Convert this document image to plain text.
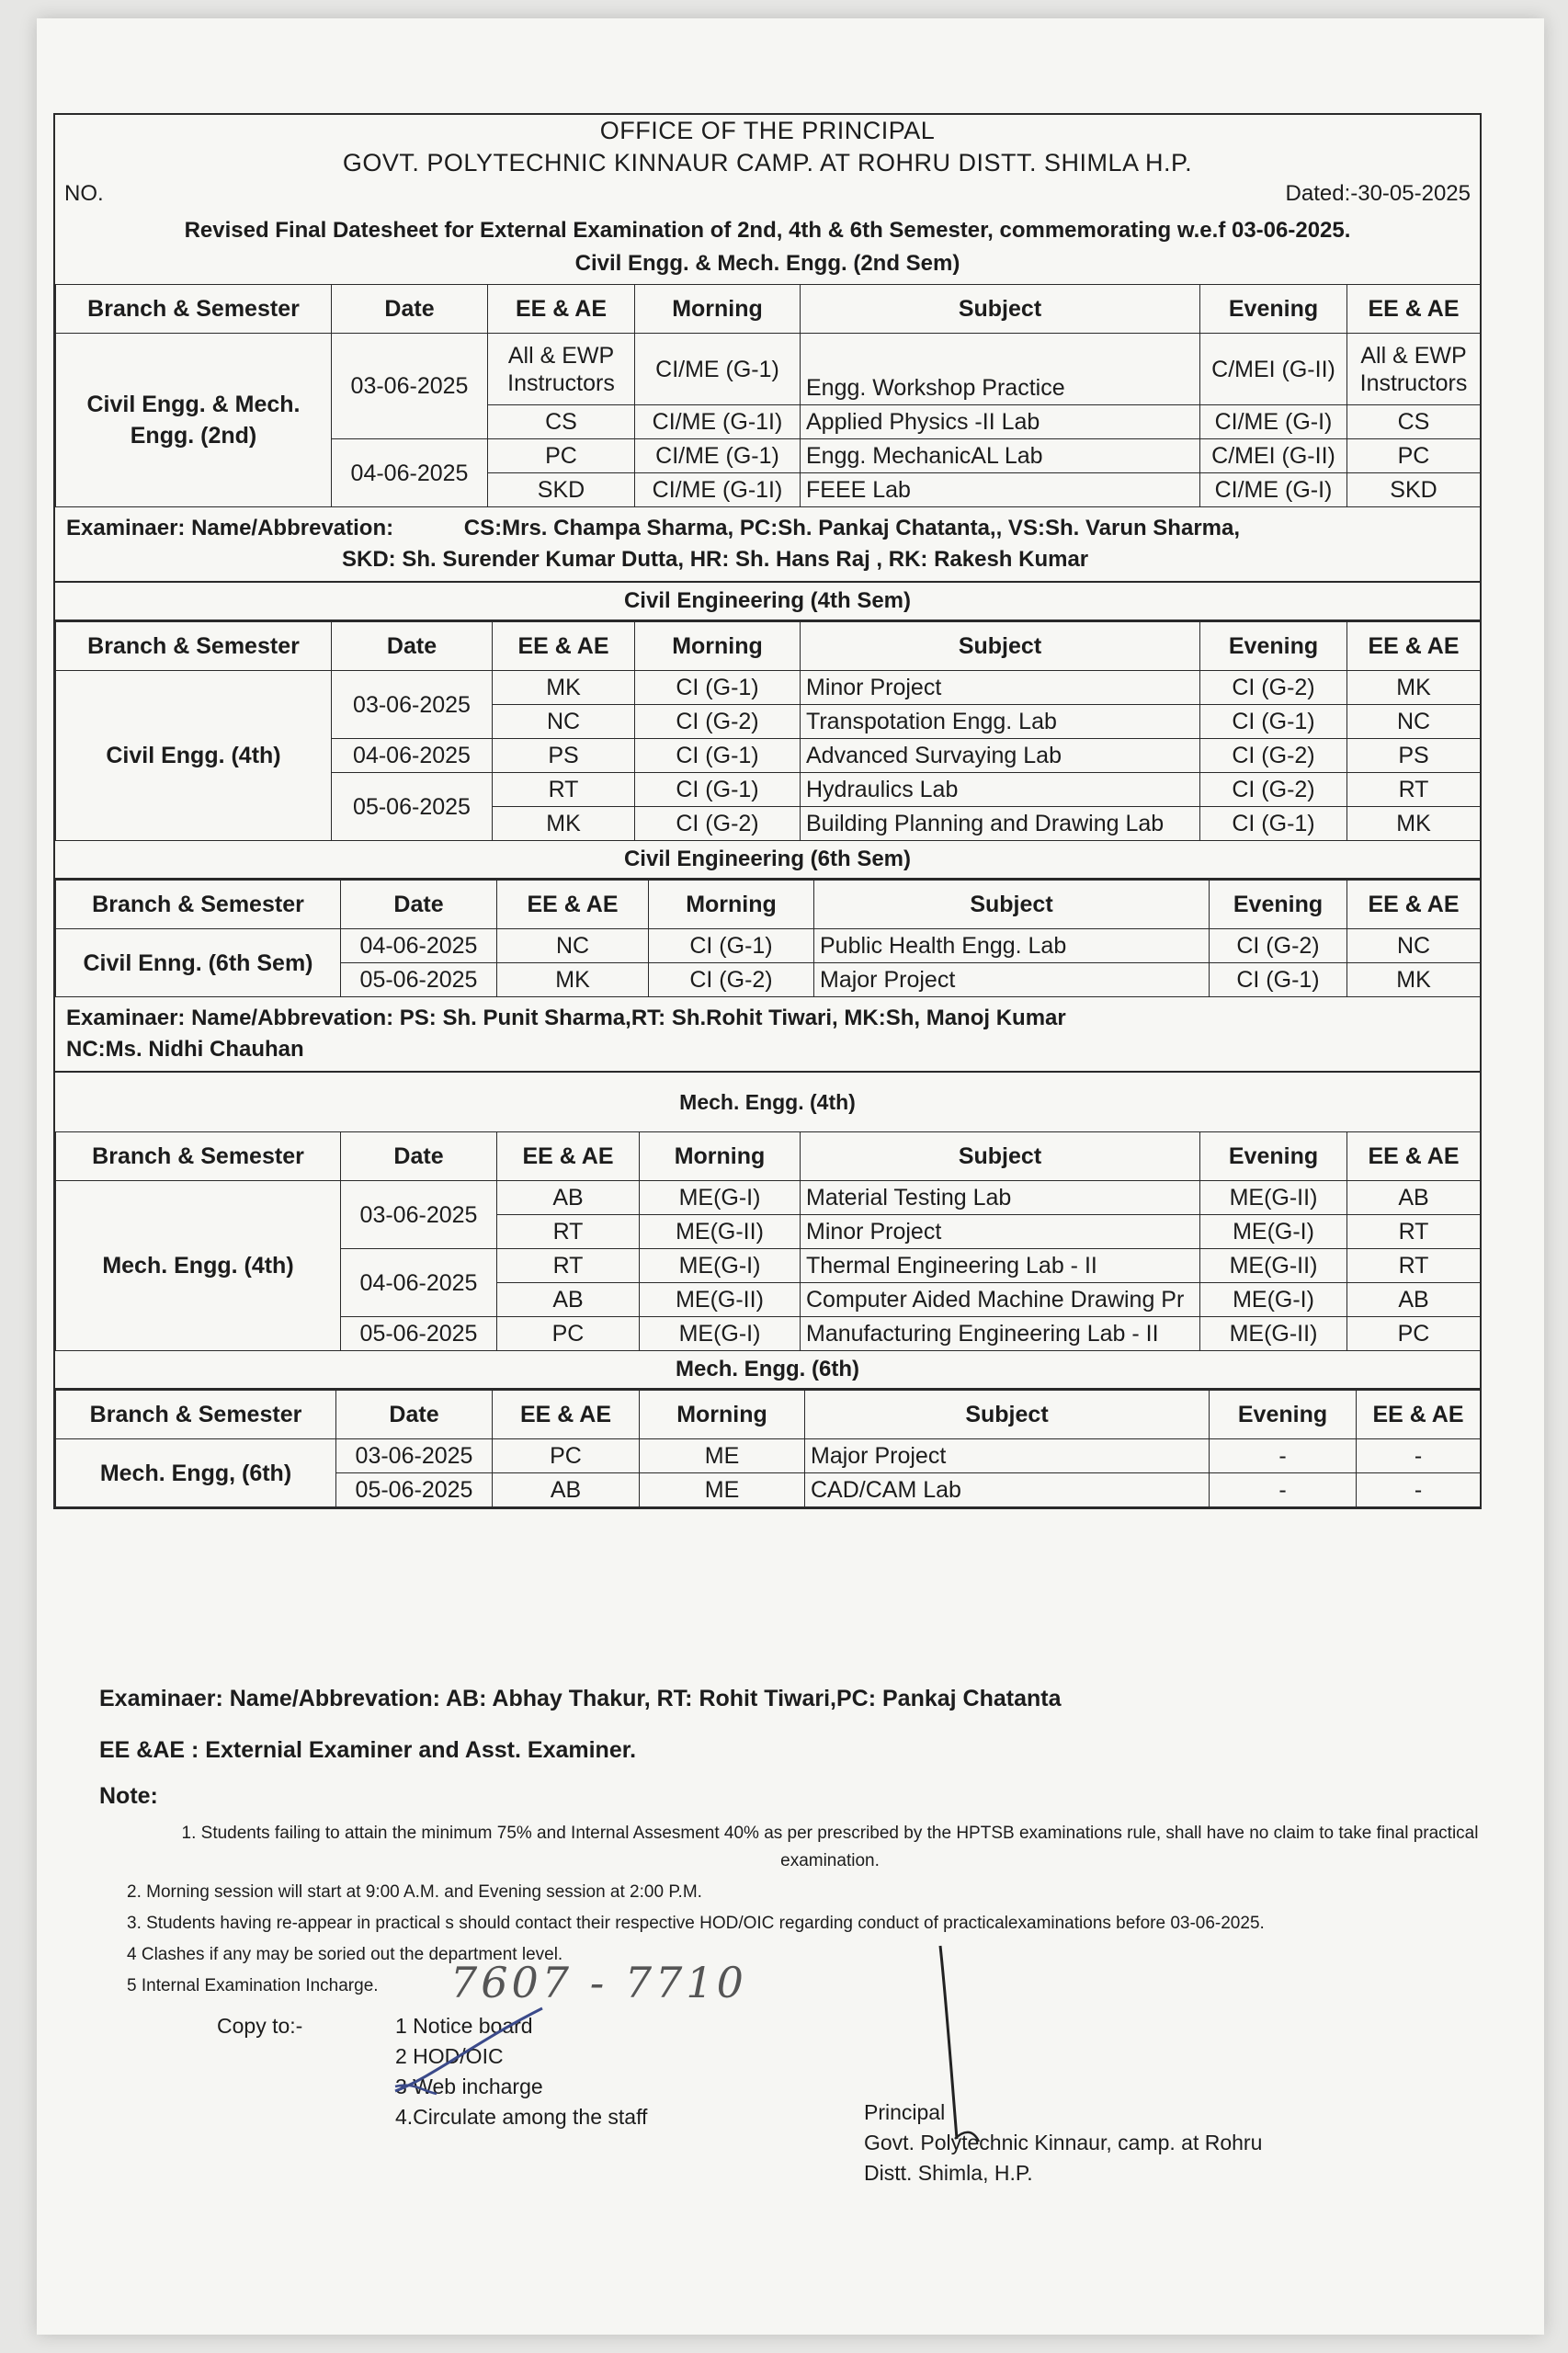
OFFICE OF THE PRINCIPAL
GOVT. POLYTECHNIC KINNAUR CAMP. AT ROHRU DISTT. SHIMLA H.P.
NO.	Dated:-30-05-2025
Revised Final Datesheet for External Examination of 2nd, 4th & 6th Semester, commemorating w.e.f 03-06-2025.
Civil Engg. & Mech. Engg. (2nd Sem)
Branch & Semester	Date	EE & AE	Morning	Subject	Evening	EE & AE
Civil Engg. & Mech. Engg. (2nd)	03-06-2025	All & EWP Instructors	CI/ME (G-1)	Engg. Workshop Practice	C/MEI (G-II)	All & EWP Instructors
		CS	CI/ME (G-1I)	Applied Physics -II Lab	CI/ME (G-I)	CS
	04-06-2025	PC	CI/ME (G-1)	Engg. MechanicAL Lab	C/MEI (G-II)	PC
		SKD	CI/ME (G-1I)	FEEE Lab	CI/ME (G-I)	SKD
Examinaer: Name/Abbrevation:	CS:Mrs. Champa Sharma, PC:Sh. Pankaj Chatanta,, VS:Sh. Varun Sharma,
SKD: Sh. Surender Kumar Dutta, HR: Sh. Hans Raj , RK: Rakesh Kumar
Civil Engineering (4th Sem)
Branch & Semester	Date	EE & AE	Morning	Subject	Evening	EE & AE
Civil Engg. (4th)	03-06-2025	MK	CI (G-1)	Minor Project	CI (G-2)	MK
		NC	CI (G-2)	Transpotation Engg. Lab	CI (G-1)	NC
	04-06-2025	PS	CI (G-1)	Advanced Survaying Lab	CI (G-2)	PS
	05-06-2025	RT	CI (G-1)	Hydraulics Lab	CI (G-2)	RT
		MK	CI (G-2)	Building Planning and Drawing Lab	CI (G-1)	MK
Civil Engineering (6th Sem)
Branch & Semester	Date	EE & AE	Morning	Subject	Evening	EE & AE
Civil Enng. (6th Sem)	04-06-2025	NC	CI (G-1)	Public Health Engg. Lab	CI (G-2)	NC
	05-06-2025	MK	CI (G-2)	Major Project	CI (G-1)	MK
Examinaer: Name/Abbrevation: PS: Sh. Punit Sharma,RT: Sh.Rohit Tiwari, MK:Sh, Manoj Kumar
NC:Ms. Nidhi Chauhan
Mech. Engg. (4th)
Branch & Semester	Date	EE & AE	Morning	Subject	Evening	EE & AE
Mech. Engg. (4th)	03-06-2025	AB	ME(G-I)	Material Testing Lab	ME(G-II)	AB
		RT	ME(G-II)	Minor Project	ME(G-I)	RT
	04-06-2025	RT	ME(G-I)	Thermal Engineering Lab - II	ME(G-II)	RT
		AB	ME(G-II)	Computer Aided Machine Drawing Pr	ME(G-I)	AB
	05-06-2025	PC	ME(G-I)	Manufacturing Engineering Lab - II	ME(G-II)	PC
Mech. Engg. (6th)
Branch & Semester	Date	EE & AE	Morning	Subject	Evening	EE & AE
Mech. Engg, (6th)	03-06-2025	PC	ME	Major Project	-	-
	05-06-2025	AB	ME	CAD/CAM Lab	-	-

Examinaer: Name/Abbrevation: AB: Abhay Thakur, RT: Rohit Tiwari,PC: Pankaj Chatanta

EE &AE : Externial Examiner and Asst. Examiner.

Note:

1. Students failing to attain the minimum 75% and Internal Assesment 40% as per prescribed by the HPTSB examinations rule, shall have no claim to take final practical examination.
2. Morning session will start at 9:00 A.M. and Evening session at 2:00 P.M.
3. Students having re-appear in practical s should contact their respective HOD/OIC regarding conduct of practicalexaminations before 03-06-2025.
4 Clashes if any may be soried out the department level.
5 Internal Examination Incharge.	7607 - 7710
Copy to:-	1 Notice board
2 HOD/OIC
3 Web incharge
4.Circulate among the staff	Principal
Govt. Polytechnic Kinnaur, camp. at Rohru
Distt. Shimla, H.P.
